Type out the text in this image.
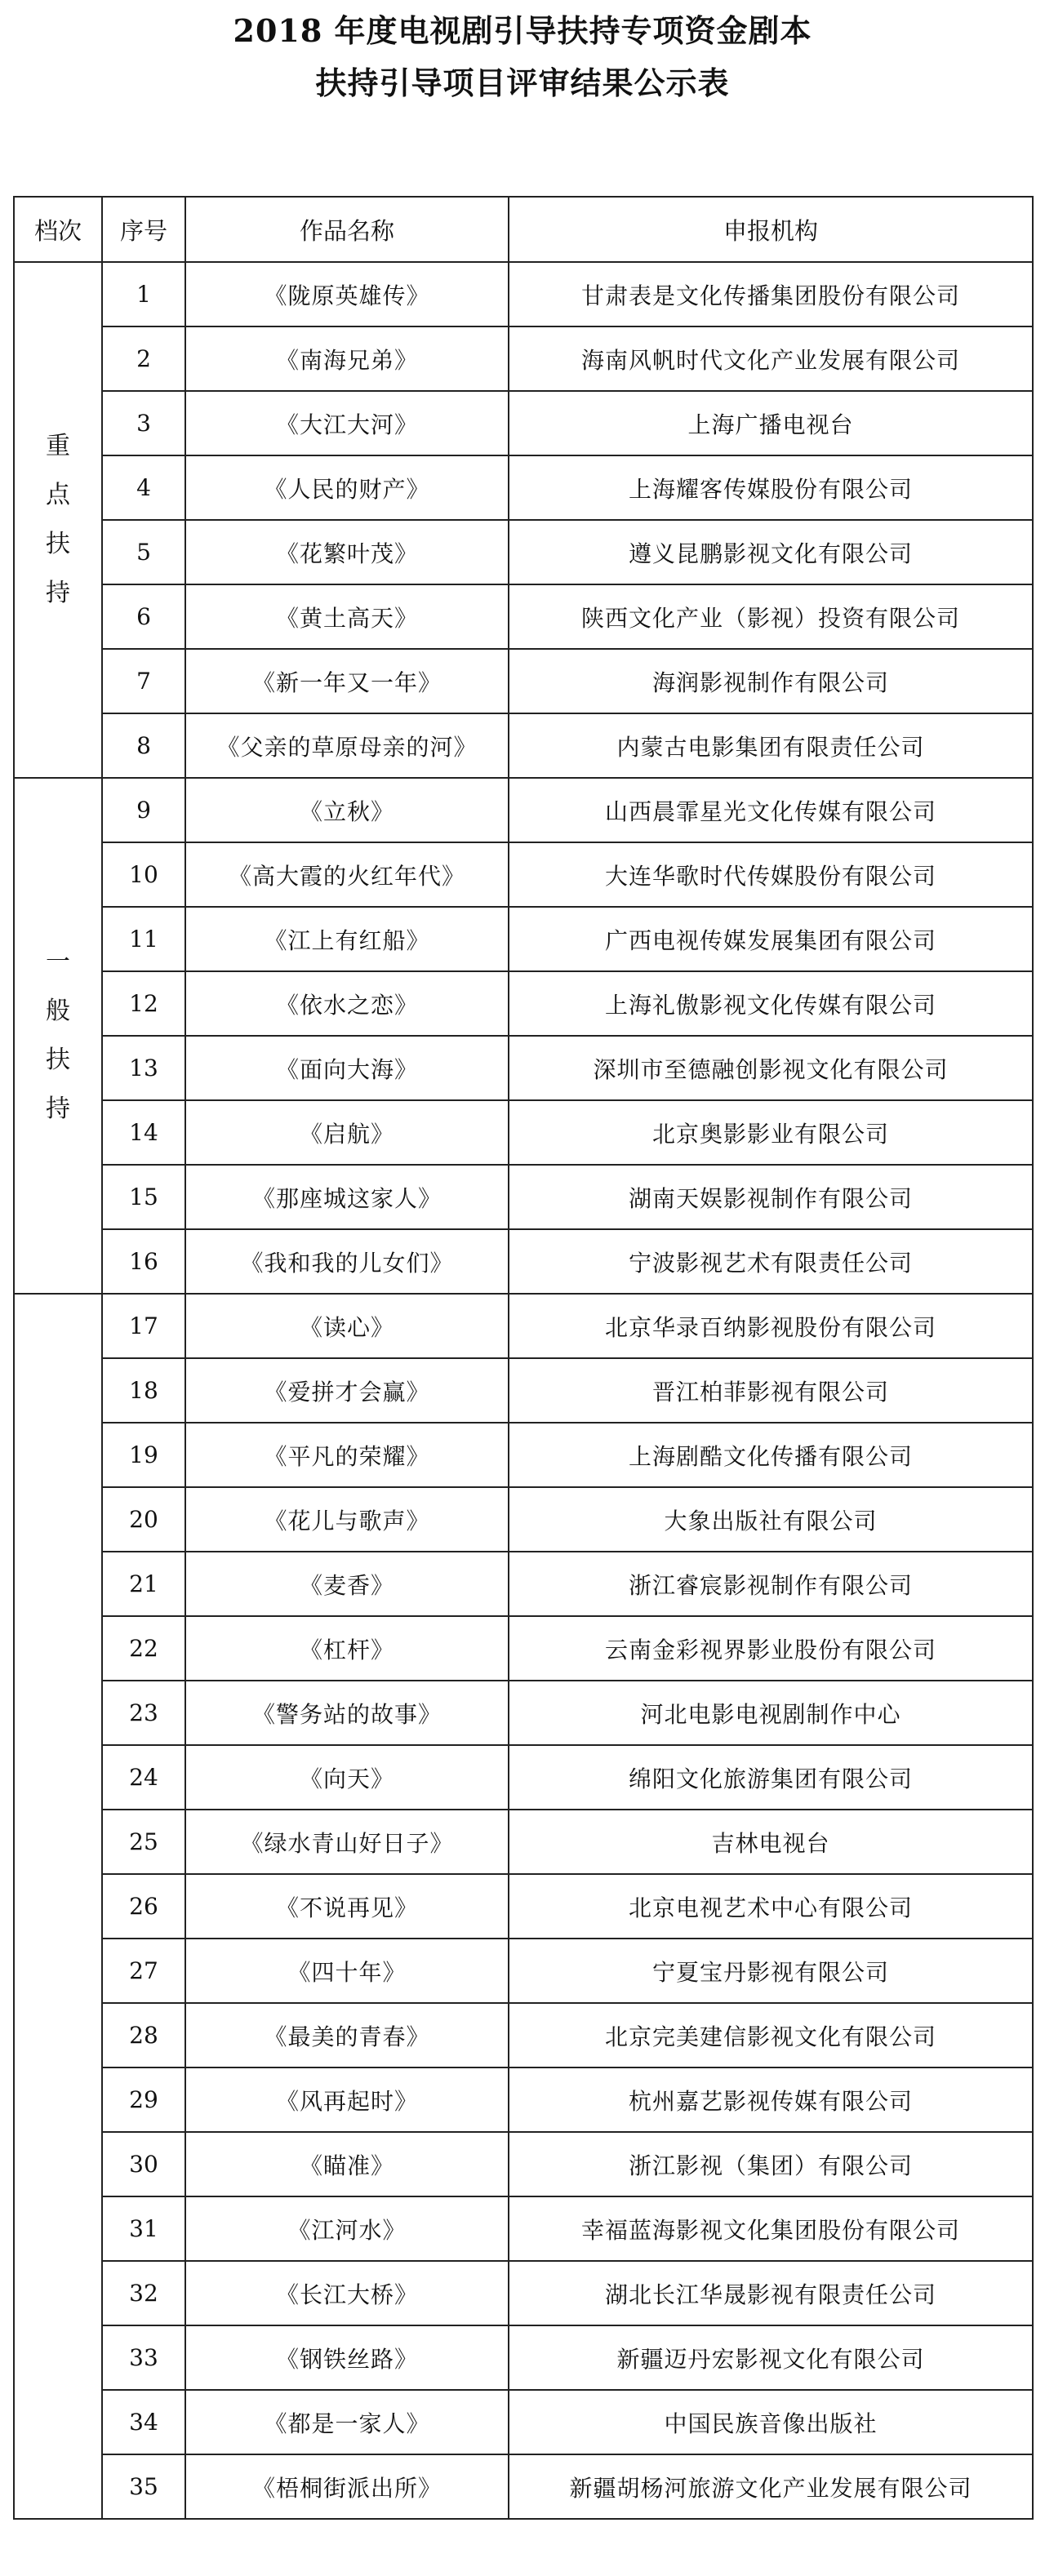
2018 年度电视剧引导扶持专项资金剧本
扶持引导项目评审结果公示表
档次	序号	作品名称	申报机构
重点扶持	1	《陇原英雄传》	甘肃表是文化传播集团股份有限公司
	2	《南海兄弟》	海南风帆时代文化产业发展有限公司
	3	《大江大河》	上海广播电视台
	4	《人民的财产》	上海耀客传媒股份有限公司
	5	《花繁叶茂》	遵义昆鹏影视文化有限公司
	6	《黄土高天》	陕西文化产业（影视）投资有限公司
	7	《新一年又一年》	海润影视制作有限公司
	8	《父亲的草原母亲的河》	内蒙古电影集团有限责任公司
一般扶持	9	《立秋》	山西晨霏星光文化传媒有限公司
	10	《高大霞的火红年代》	大连华歌时代传媒股份有限公司
	11	《江上有红船》	广西电视传媒发展集团有限公司
	12	《依水之恋》	上海礼傲影视文化传媒有限公司
	13	《面向大海》	深圳市至德融创影视文化有限公司
	14	《启航》	北京奥影影业有限公司
	15	《那座城这家人》	湖南天娱影视制作有限公司
	16	《我和我的儿女们》	宁波影视艺术有限责任公司
	17	《读心》	北京华录百纳影视股份有限公司
	18	《爱拼才会赢》	晋江柏菲影视有限公司
	19	《平凡的荣耀》	上海剧酷文化传播有限公司
	20	《花儿与歌声》	大象出版社有限公司
	21	《麦香》	浙江睿宸影视制作有限公司
	22	《杠杆》	云南金彩视界影业股份有限公司
	23	《警务站的故事》	河北电影电视剧制作中心
	24	《向天》	绵阳文化旅游集团有限公司
	25	《绿水青山好日子》	吉林电视台
	26	《不说再见》	北京电视艺术中心有限公司
	27	《四十年》	宁夏宝丹影视有限公司
	28	《最美的青春》	北京完美建信影视文化有限公司
	29	《风再起时》	杭州嘉艺影视传媒有限公司
	30	《瞄准》	浙江影视（集团）有限公司
	31	《江河水》	幸福蓝海影视文化集团股份有限公司
	32	《长江大桥》	湖北长江华晟影视有限责任公司
	33	《钢铁丝路》	新疆迈丹宏影视文化有限公司
	34	《都是一家人》	中国民族音像出版社
	35	《梧桐街派出所》	新疆胡杨河旅游文化产业发展有限公司
